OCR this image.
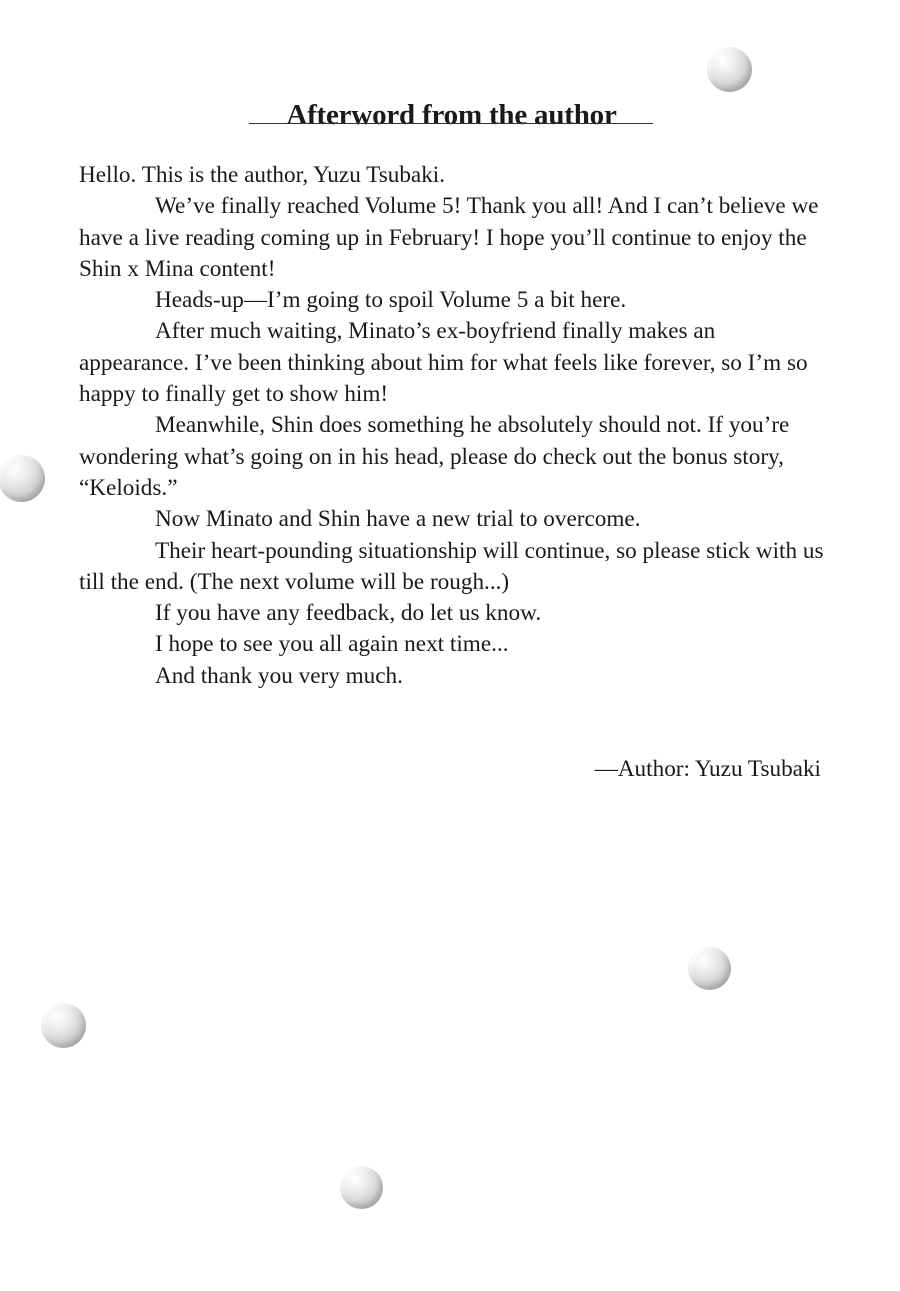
Afterword from the author

Hello. This is the author, Yuzu Tsubaki.

We’ve finally reached Volume 5! Thank you all! And I can’t believe we have a live reading coming up in February! I hope you’ll continue to enjoy the Shin x Mina content!

Heads-up—I’m going to spoil Volume 5 a bit here.

After much waiting, Minato’s ex-boyfriend finally makes an appearance. I’ve been thinking about him for what feels like forever, so I’m so happy to finally get to show him!

Meanwhile, Shin does something he absolutely should not. If you’re wondering what’s going on in his head, please do check out the bonus story, “Keloids.”

Now Minato and Shin have a new trial to overcome.

Their heart-pounding situationship will continue, so please stick with us till the end. (The next volume will be rough...)

If you have any feedback, do let us know.

I hope to see you all again next time...

And thank you very much.

—Author: Yuzu Tsubaki
